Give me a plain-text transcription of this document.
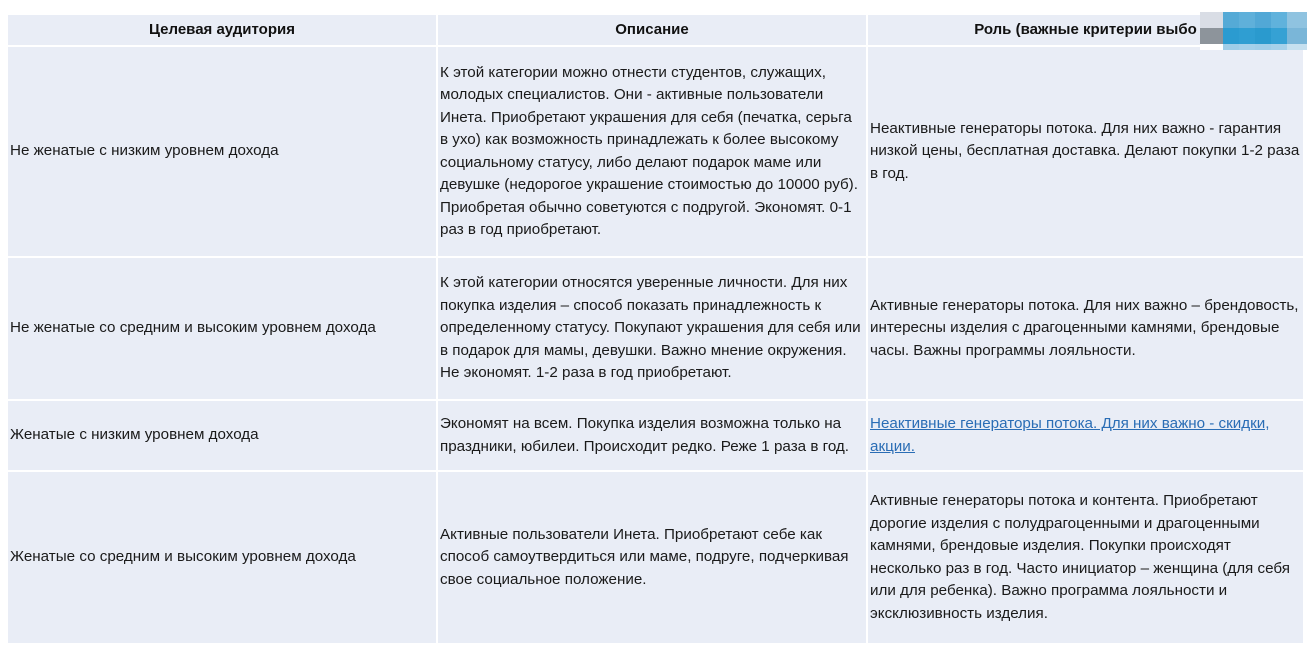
Целевая аудитория	Описание	Роль (важные критерии выбо
Не женатые с низким уровнем дохода	К этой категории можно отнести студентов, служащих, молодых специалистов. Они - активные пользователи Инета. Приобретают украшения для себя (печатка, серьга в ухо) как возможность принадлежать к более высокому социальному статусу, либо делают подарок маме или девушке (недорогое украшение стоимостью до 10000 руб). Приобретая обычно советуются с подругой. Экономят. 0-1 раз в год приобретают.	Неактивные генераторы потока. Для них важно - гарантия низкой цены, бесплатная доставка. Делают покупки 1-2 раза в год.
Не женатые со средним и высоким уровнем дохода	К этой категории относятся уверенные личности. Для них покупка изделия – способ показать принадлежность к определенному статусу. Покупают украшения для себя или в подарок для мамы, девушки. Важно мнение окружения. Не экономят. 1-2 раза в год приобретают.	Активные генераторы потока. Для них важно – брендовость, интересны изделия с драгоценными камнями, брендовые часы. Важны программы лояльности.
Женатые с низким уровнем дохода	Экономят на всем. Покупка изделия возможна только на праздники, юбилеи. Происходит редко. Реже 1 раза в год.	Неактивные генераторы потока. Для них важно - скидки, акции.
Женатые со средним и высоким уровнем дохода	Активные пользователи Инета. Приобретают себе как способ самоутвердиться или маме, подруге, подчеркивая свое социальное положение.	Активные генераторы потока и контента. Приобретают дорогие изделия с полудрагоценными и драгоценными камнями, брендовые изделия. Покупки происходят несколько раз в год. Часто инициатор – женщина (для себя или для ребенка). Важно программа лояльности и эксклюзивность изделия.
